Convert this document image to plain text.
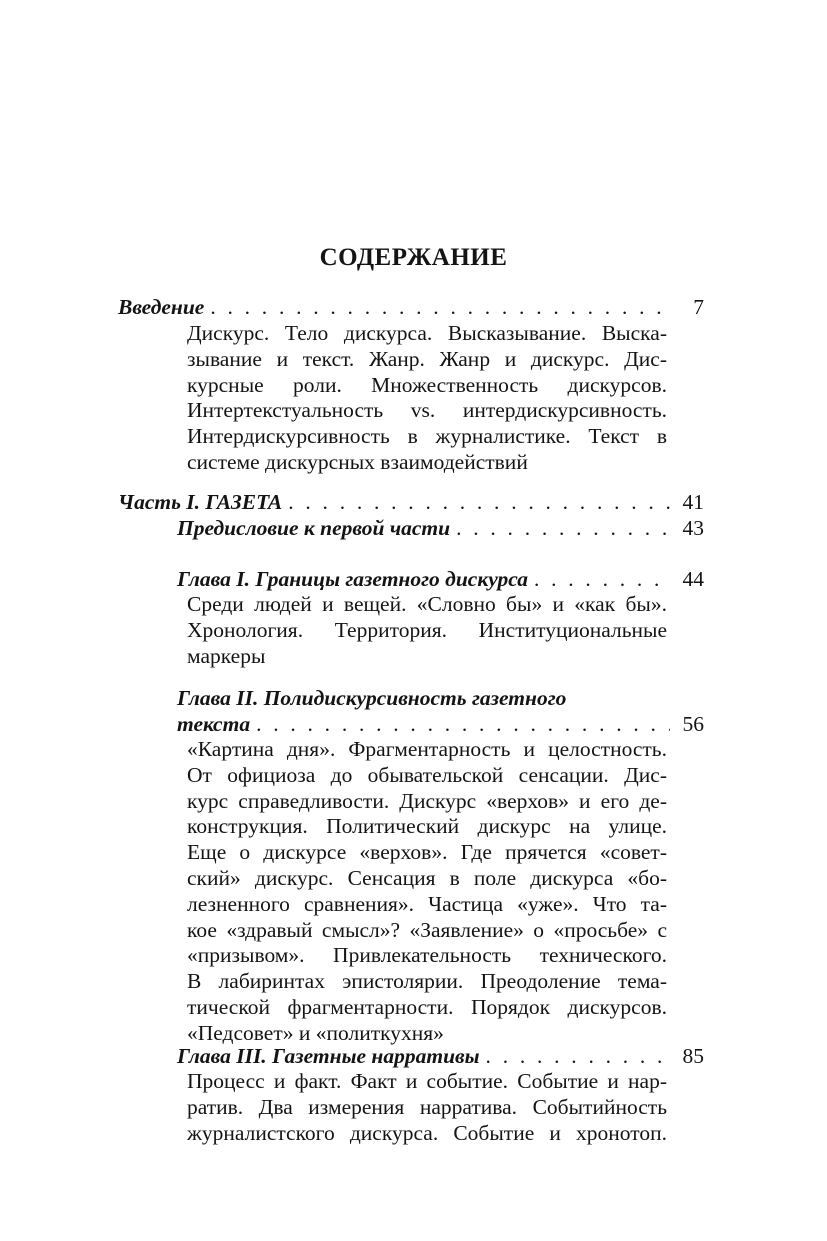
СОДЕРЖАНИЕ
Введение . . .	7
Дискурс. Тело дискурса. Высказывание. Выска-
зывание и текст. Жанр. Жанр и дискурс. Дис-
курсные роли. Множественность дискурсов.
Интертекстуальность vs. интердискурсивность.
Интердискурсивность в журналистике. Текст в
системе дискурсных взаимодействий
Часть I. ГАЗЕТА . . .	41
Предисловие к первой части . . .	43
Глава I. Границы газетного дискурса . . .	44
Среди людей и вещей. «Словно бы» и «как бы».
Хронология. Территория. Институциональные
маркеры
Глава II. Полидискурсивность газетного
текста . . .	56
«Картина дня». Фрагментарность и целостность.
От официоза до обывательской сенсации. Дис-
курс справедливости. Дискурс «верхов» и его де-
конструкция. Политический дискурс на улице.
Еще о дискурсе «верхов». Где прячется «совет-
ский» дискурс. Сенсация в поле дискурса «бо-
лезненного сравнения». Частица «уже». Что та-
кое «здравый смысл»? «Заявление» о «просьбе» с
«призывом». Привлекательность технического.
В лабиринтах эпистолярии. Преодоление тема-
тической фрагментарности. Порядок дискурсов.
«Педсовет» и «политкухня»
Глава III. Газетные нарративы . . .	85
Процесс и факт. Факт и событие. Событие и нар-
ратив. Два измерения нарратива. Событийность
журналистского дискурса. Событие и хронотоп.
